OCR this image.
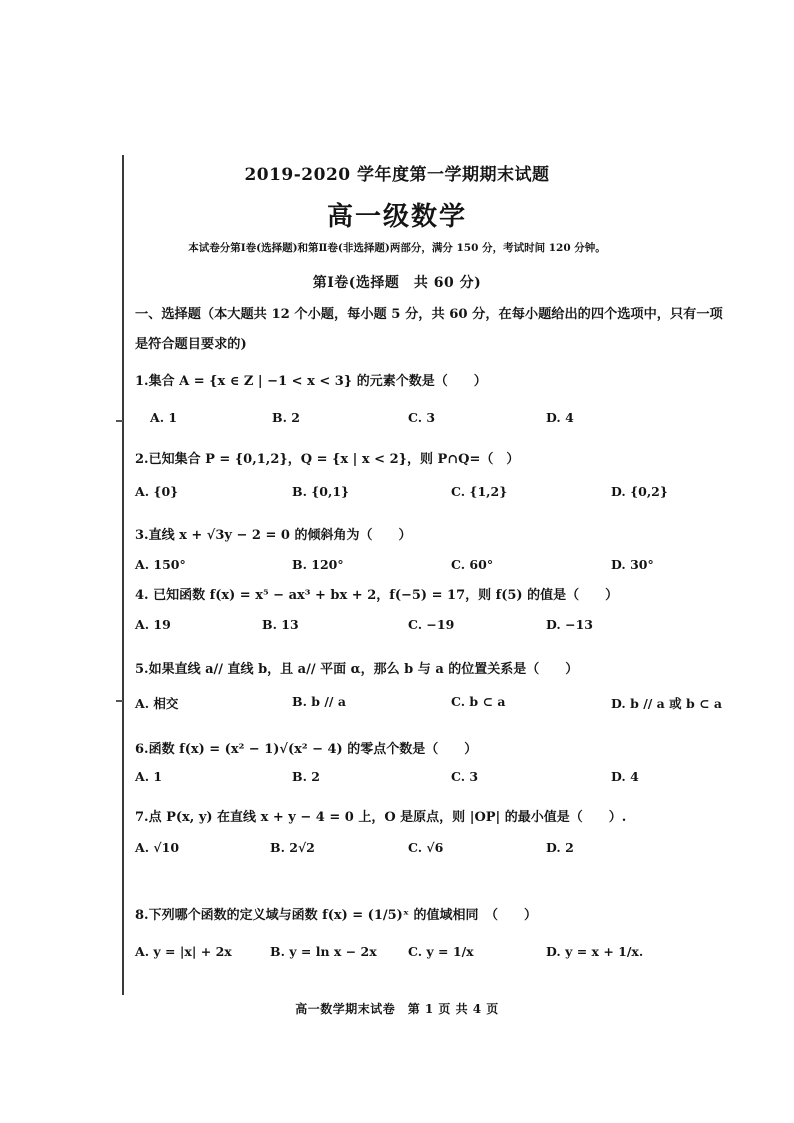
2019-2020 学年度第一学期期末试题
高一级数学
本试卷分第Ⅰ卷(选择题)和第Ⅱ卷(非选择题)两部分，满分 150 分，考试时间 120 分钟。
第Ⅰ卷(选择题　共 60 分)
一、选择题（本大题共 12 个小题，每小题 5 分，共 60 分，在每小题给出的四个选项中，只有一项是符合题目要求的)
1.集合 A = {x ∈ Z | −1 < x < 3} 的元素个数是（　　）
A. 1	B. 2	C. 3	D. 4
2.已知集合 P = {0,1,2}，Q = {x | x < 2}，则 P∩Q=（　）
A. {0}	B. {0,1}	C. {1,2}	D. {0,2}
3.直线 x + √3y − 2 = 0 的倾斜角为（　　）
A. 150°	B. 120°	C. 60°	D. 30°
4. 已知函数 f(x) = x⁵ − ax³ + bx + 2，f(−5) = 17，则 f(5) 的值是（　　）
A. 19	B. 13	C. −19	D. −13
5.如果直线 a// 直线 b，且 a// 平面 α，那么 b 与 a 的位置关系是（　　）
A. 相交	B. b // a	C. b ⊂ a	D. b // a 或 b ⊂ a
6.函数 f(x) = (x² − 1)√(x² − 4) 的零点个数是（　　）
A. 1	B. 2	C. 3	D. 4
7.点 P(x, y) 在直线 x + y − 4 = 0 上，O 是原点，则 |OP| 的最小值是（　　）.
A. √10	B. 2√2	C. √6	D. 2
8.下列哪个函数的定义域与函数 f(x) = (1/5)ˣ 的值域相同　（　　）
A. y = |x| + 2x	B. y = ln x − 2x	C. y = 1/x	D. y = x + 1/x.
高一数学期末试卷　第 1 页 共 4 页
